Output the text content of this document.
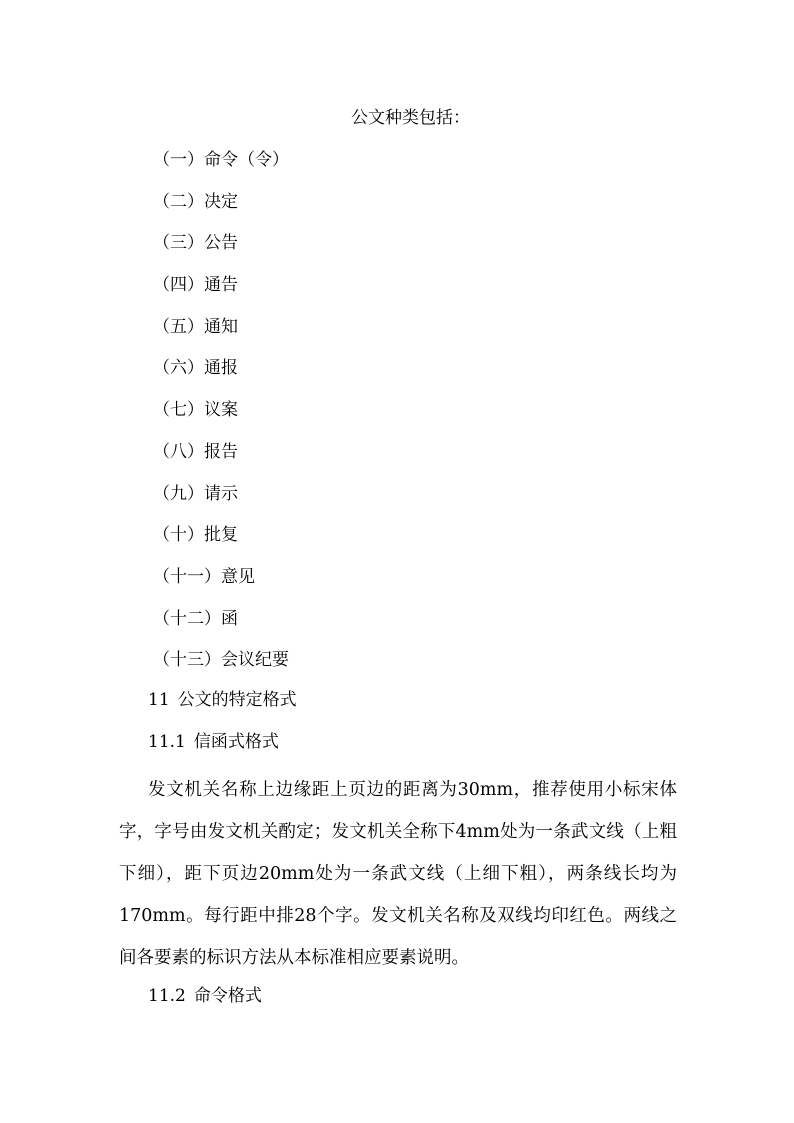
公文种类包括：
（一）命令（令）
（二）决定
（三）公告
（四）通告
（五）通知
（六）通报
（七）议案
（八）报告
（九）请示
（十）批复
（十一）意见
（十二）函
（十三）会议纪要
11 公文的特定格式
11.1 信函式格式
发文机关名称上边缘距上页边的距离为30mm，推荐使用小标宋体字，字号由发文机关酌定；发文机关全称下4mm处为一条武文线（上粗下细），距下页边20mm处为一条武文线（上细下粗），两条线长均为170mm。每行距中排28个字。发文机关名称及双线均印红色。两线之间各要素的标识方法从本标准相应要素说明。
11.2 命令格式
